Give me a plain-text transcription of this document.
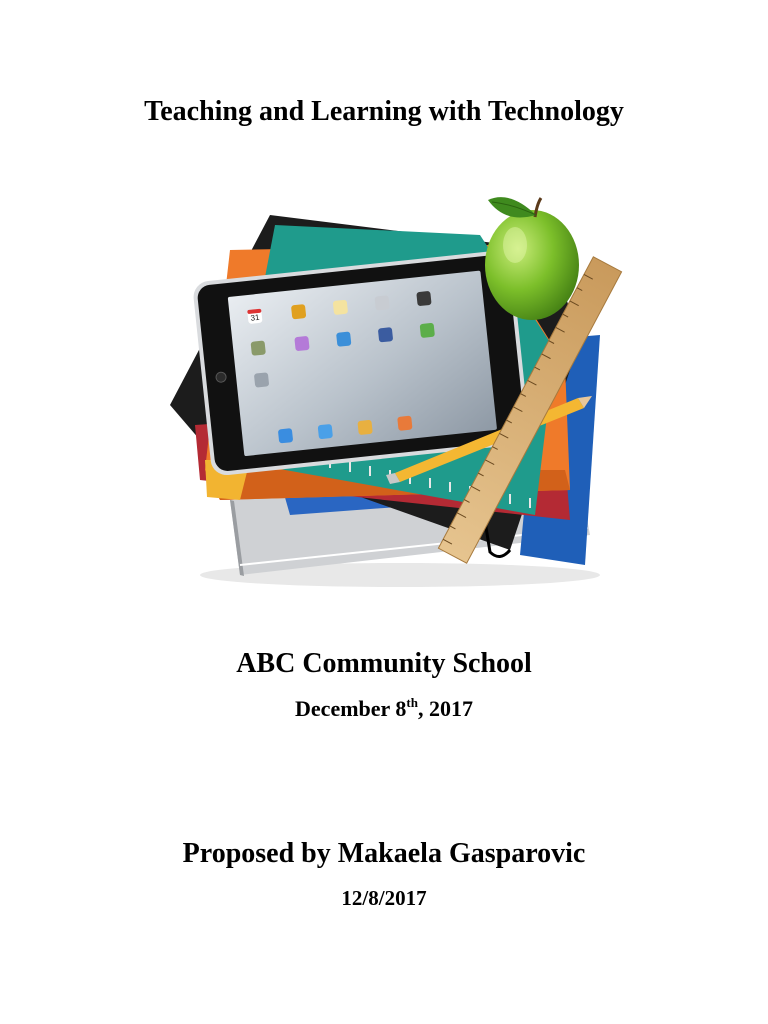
Teaching and Learning with Technology
31
ABC Community School
December 8th, 2017
Proposed by Makaela Gasparovic
12/8/2017
